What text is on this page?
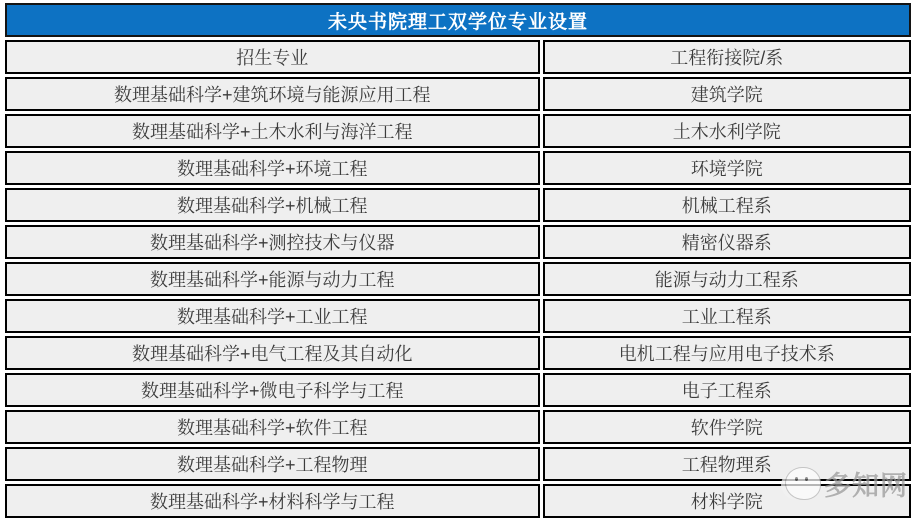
未央书院理工双学位专业设置	
招生专业	工程衔接院/系
数理基础科学+建筑环境与能源应用工程	建筑学院
数理基础科学+土木水利与海洋工程	土木水利学院
数理基础科学+环境工程	环境学院
数理基础科学+机械工程	机械工程系
数理基础科学+测控技术与仪器	精密仪器系
数理基础科学+能源与动力工程	能源与动力工程系
数理基础科学+工业工程	工业工程系
数理基础科学+电气工程及其自动化	电机工程与应用电子技术系
数理基础科学+微电子科学与工程	电子工程系
数理基础科学+软件工程	软件学院
数理基础科学+工程物理	工程物理系
数理基础科学+材料科学与工程	材料学院
多知网
